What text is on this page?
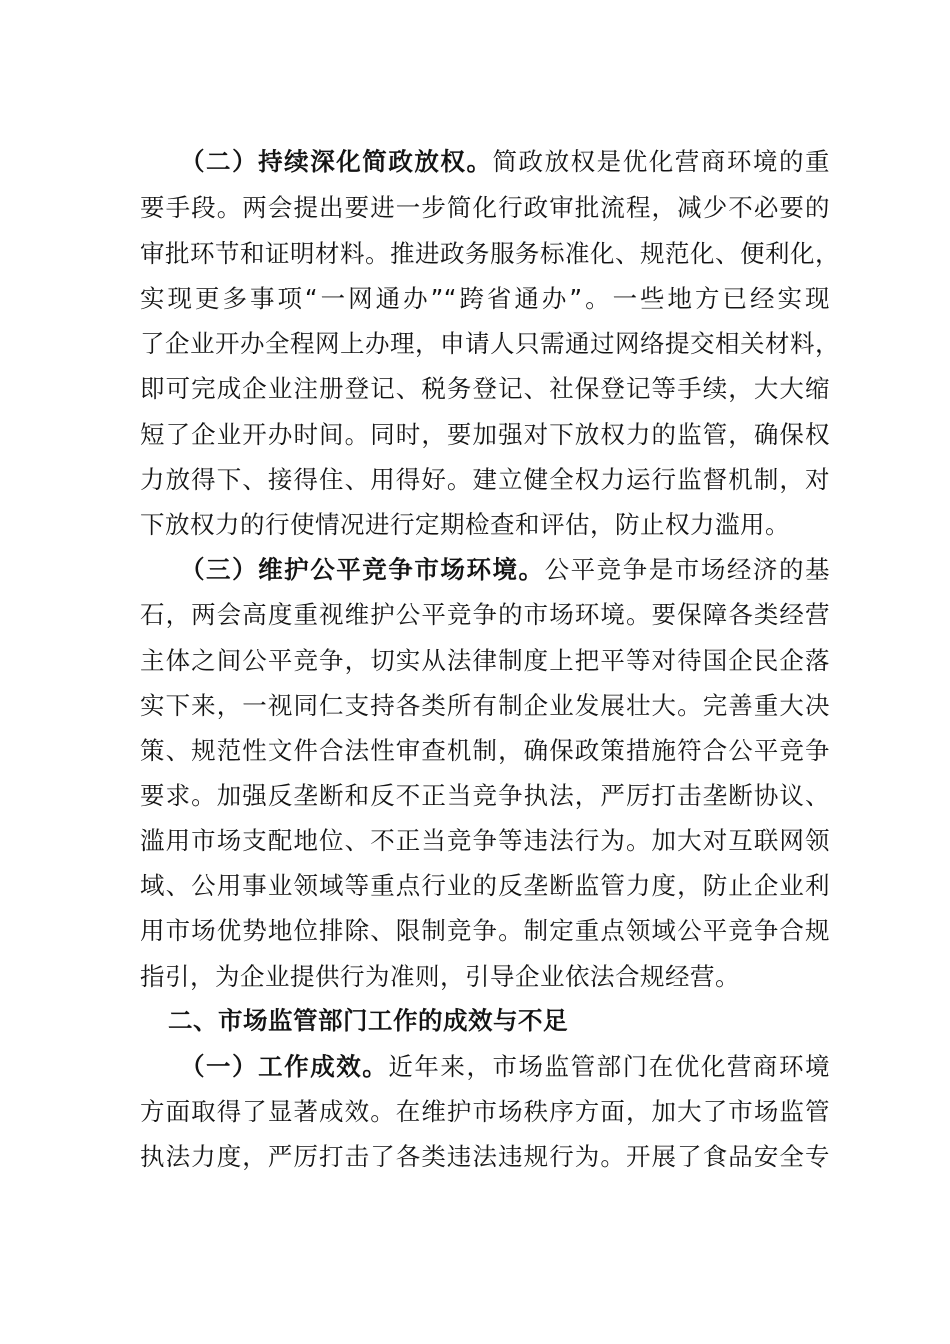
（二）持续深化简政放权。简政放权是优化营商环境的重
要手段。两会提出要进一步简化行政审批流程，减少不必要的
审批环节和证明材料。推进政务服务标准化、规范化、便利化，
实现更多事项“一网通办”“跨省通办”。一些地方已经实现
了企业开办全程网上办理，申请人只需通过网络提交相关材料，
即可完成企业注册登记、税务登记、社保登记等手续，大大缩
短了企业开办时间。同时，要加强对下放权力的监管，确保权
力放得下、接得住、用得好。建立健全权力运行监督机制，对
下放权力的行使情况进行定期检查和评估，防止权力滥用。
（三）维护公平竞争市场环境。公平竞争是市场经济的基
石，两会高度重视维护公平竞争的市场环境。要保障各类经营
主体之间公平竞争，切实从法律制度上把平等对待国企民企落
实下来，一视同仁支持各类所有制企业发展壮大。完善重大决
策、规范性文件合法性审查机制，确保政策措施符合公平竞争
要求。加强反垄断和反不正当竞争执法，严厉打击垄断协议、
滥用市场支配地位、不正当竞争等违法行为。加大对互联网领
域、公用事业领域等重点行业的反垄断监管力度，防止企业利
用市场优势地位排除、限制竞争。制定重点领域公平竞争合规
指引，为企业提供行为准则，引导企业依法合规经营。
二、市场监管部门工作的成效与不足
（一）工作成效。近年来，市场监管部门在优化营商环境
方面取得了显著成效。在维护市场秩序方面，加大了市场监管
执法力度，严厉打击了各类违法违规行为。开展了食品安全专
